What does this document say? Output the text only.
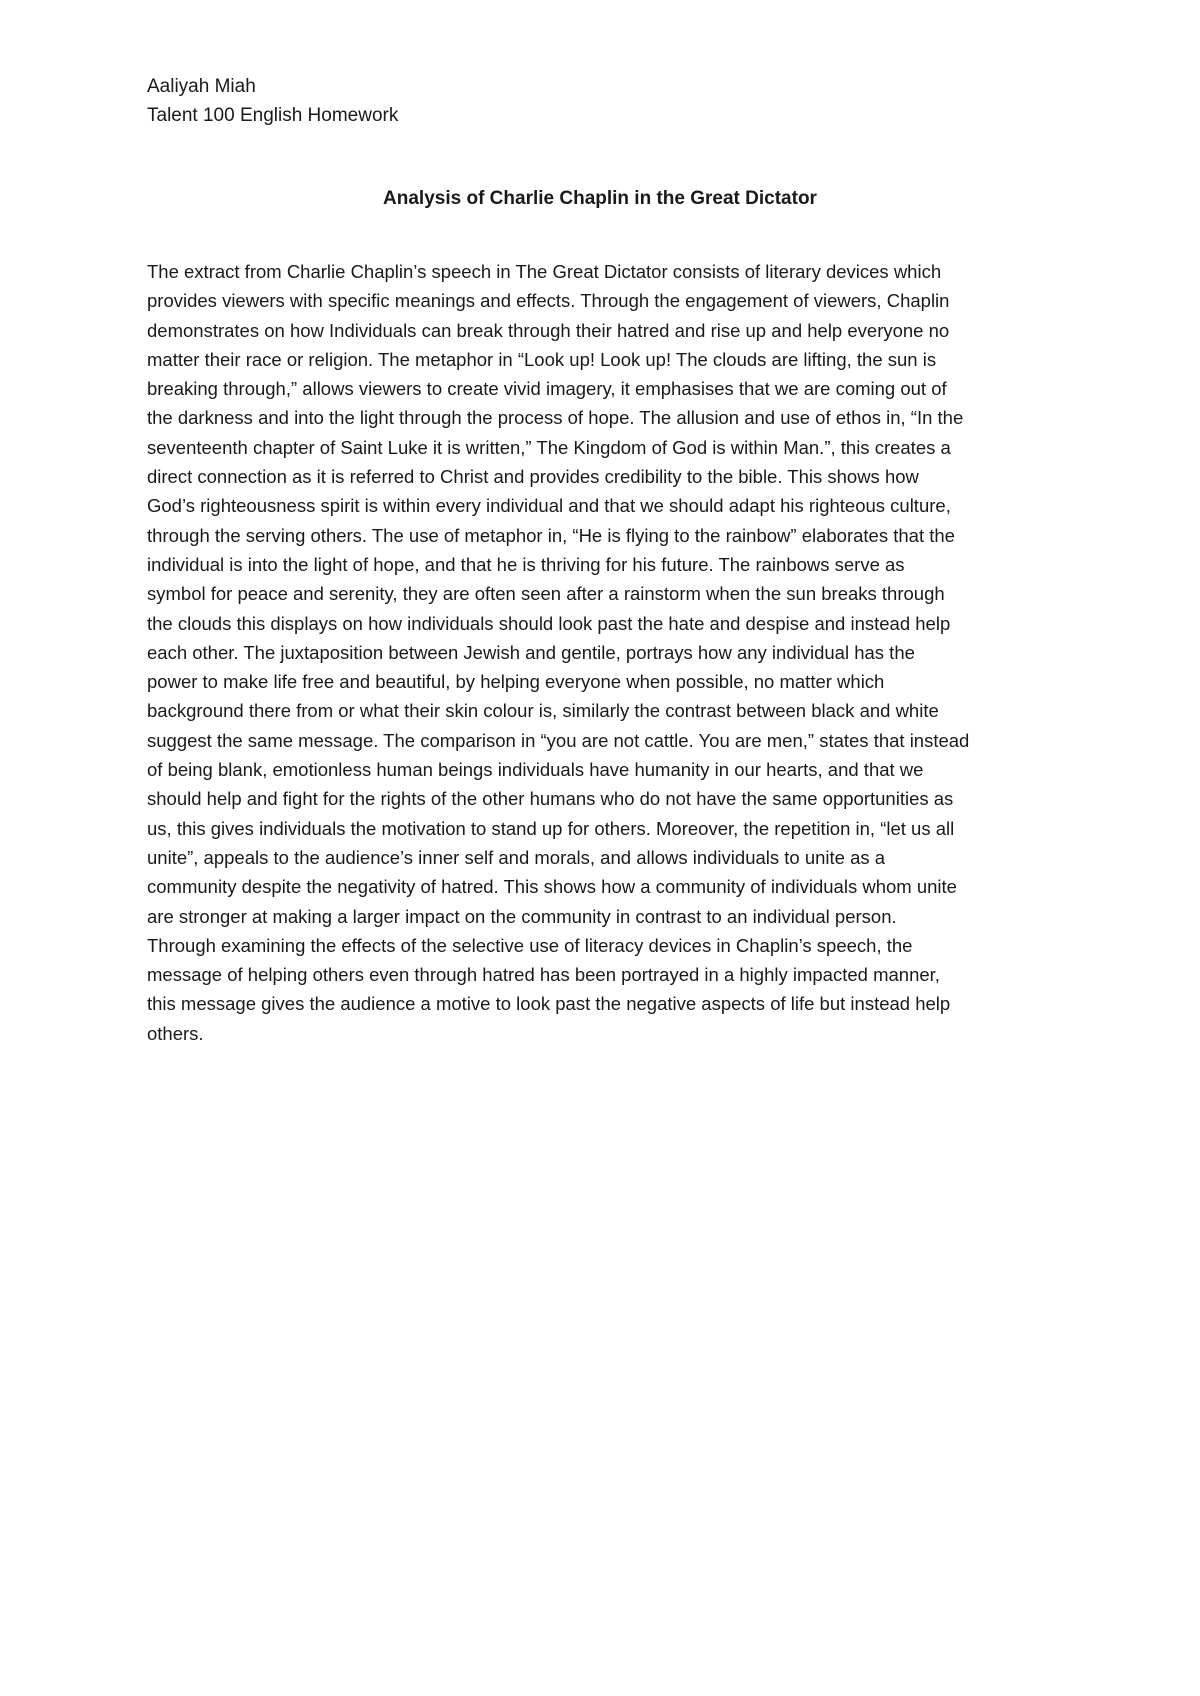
Aaliyah Miah
Talent 100 English Homework
Analysis of Charlie Chaplin in the Great Dictator
The extract from Charlie Chaplin’s speech in The Great Dictator consists of literary devices which
provides viewers with specific meanings and effects. Through the engagement of viewers, Chaplin
demonstrates on how Individuals can break through their hatred and rise up and help everyone no
matter their race or religion. The metaphor in “Look up! Look up! The clouds are lifting, the sun is
breaking through,” allows viewers to create vivid imagery, it emphasises that we are coming out of
the darkness and into the light through the process of hope. The allusion and use of ethos in, “In the
seventeenth chapter of Saint Luke it is written,” The Kingdom of God is within Man.”, this creates a
direct connection as it is referred to Christ and provides credibility to the bible. This shows how
God’s righteousness spirit is within every individual and that we should adapt his righteous culture,
through the serving others. The use of metaphor in, “He is flying to the rainbow” elaborates that the
individual is into the light of hope, and that he is thriving for his future. The rainbows serve as
symbol for peace and serenity, they are often seen after a rainstorm when the sun breaks through
the clouds this displays on how individuals should look past the hate and despise and instead help
each other. The juxtaposition between Jewish and gentile, portrays how any individual has the
power to make life free and beautiful, by helping everyone when possible, no matter which
background there from or what their skin colour is, similarly the contrast between black and white
suggest the same message. The comparison in “you are not cattle. You are men,” states that instead
of being blank, emotionless human beings individuals have humanity in our hearts, and that we
should help and fight for the rights of the other humans who do not have the same opportunities as
us, this gives individuals the motivation to stand up for others. Moreover, the repetition in, “let us all
unite”, appeals to the audience’s inner self and morals, and allows individuals to unite as a
community despite the negativity of hatred. This shows how a community of individuals whom unite
are stronger at making a larger impact on the community in contrast to an individual person.
Through examining the effects of the selective use of literacy devices in Chaplin’s speech, the
message of helping others even through hatred has been portrayed in a highly impacted manner,
this message gives the audience a motive to look past the negative aspects of life but instead help
others.
